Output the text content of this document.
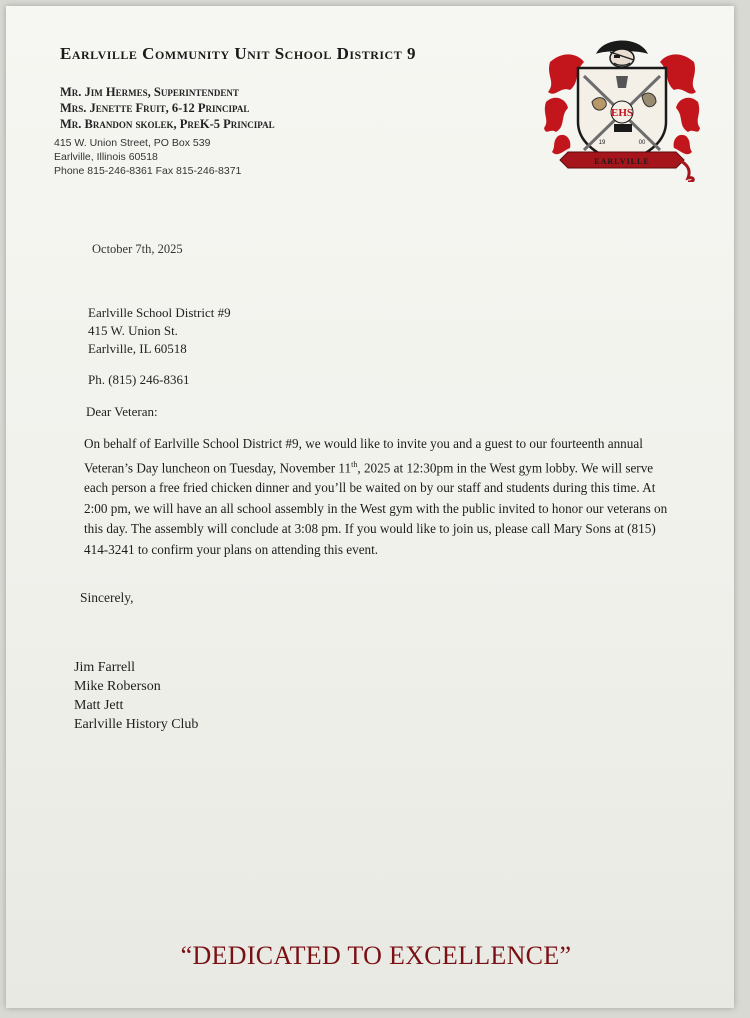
Earlville Community Unit School District 9
Mr. Jim Hermes, Superintendent
Mrs. Jenette Fruit, 6-12 Principal
Mr. Brandon skolek, PreK-5 Principal
415 W. Union Street, PO Box 539
Earlville, Illinois 60518
Phone 815-246-8361 Fax 815-246-8371
EHS
19	00
EARLVILLE
October 7th, 2025
Earlville School District #9
415 W. Union St.
Earlville, IL 60518
Ph. (815) 246-8361
Dear Veteran:

On behalf of Earlville School District #9, we would like to invite you and a guest to our fourteenth annual Veteran’s Day luncheon on Tuesday, November 11th, 2025 at 12:30pm in the West gym lobby. We will serve each person a free fried chicken dinner and you’ll be waited on by our staff and students during this time. At 2:00 pm, we will have an all school assembly in the West gym with the public invited to honor our veterans on this day. The assembly will conclude at 3:08 pm. If you would like to join us, please call Mary Sons at (815) 414-3241 to confirm your plans on attending this event.

Sincerely,
Jim Farrell
Mike Roberson
Matt Jett
Earlville History Club
“DEDICATED TO EXCELLENCE”
